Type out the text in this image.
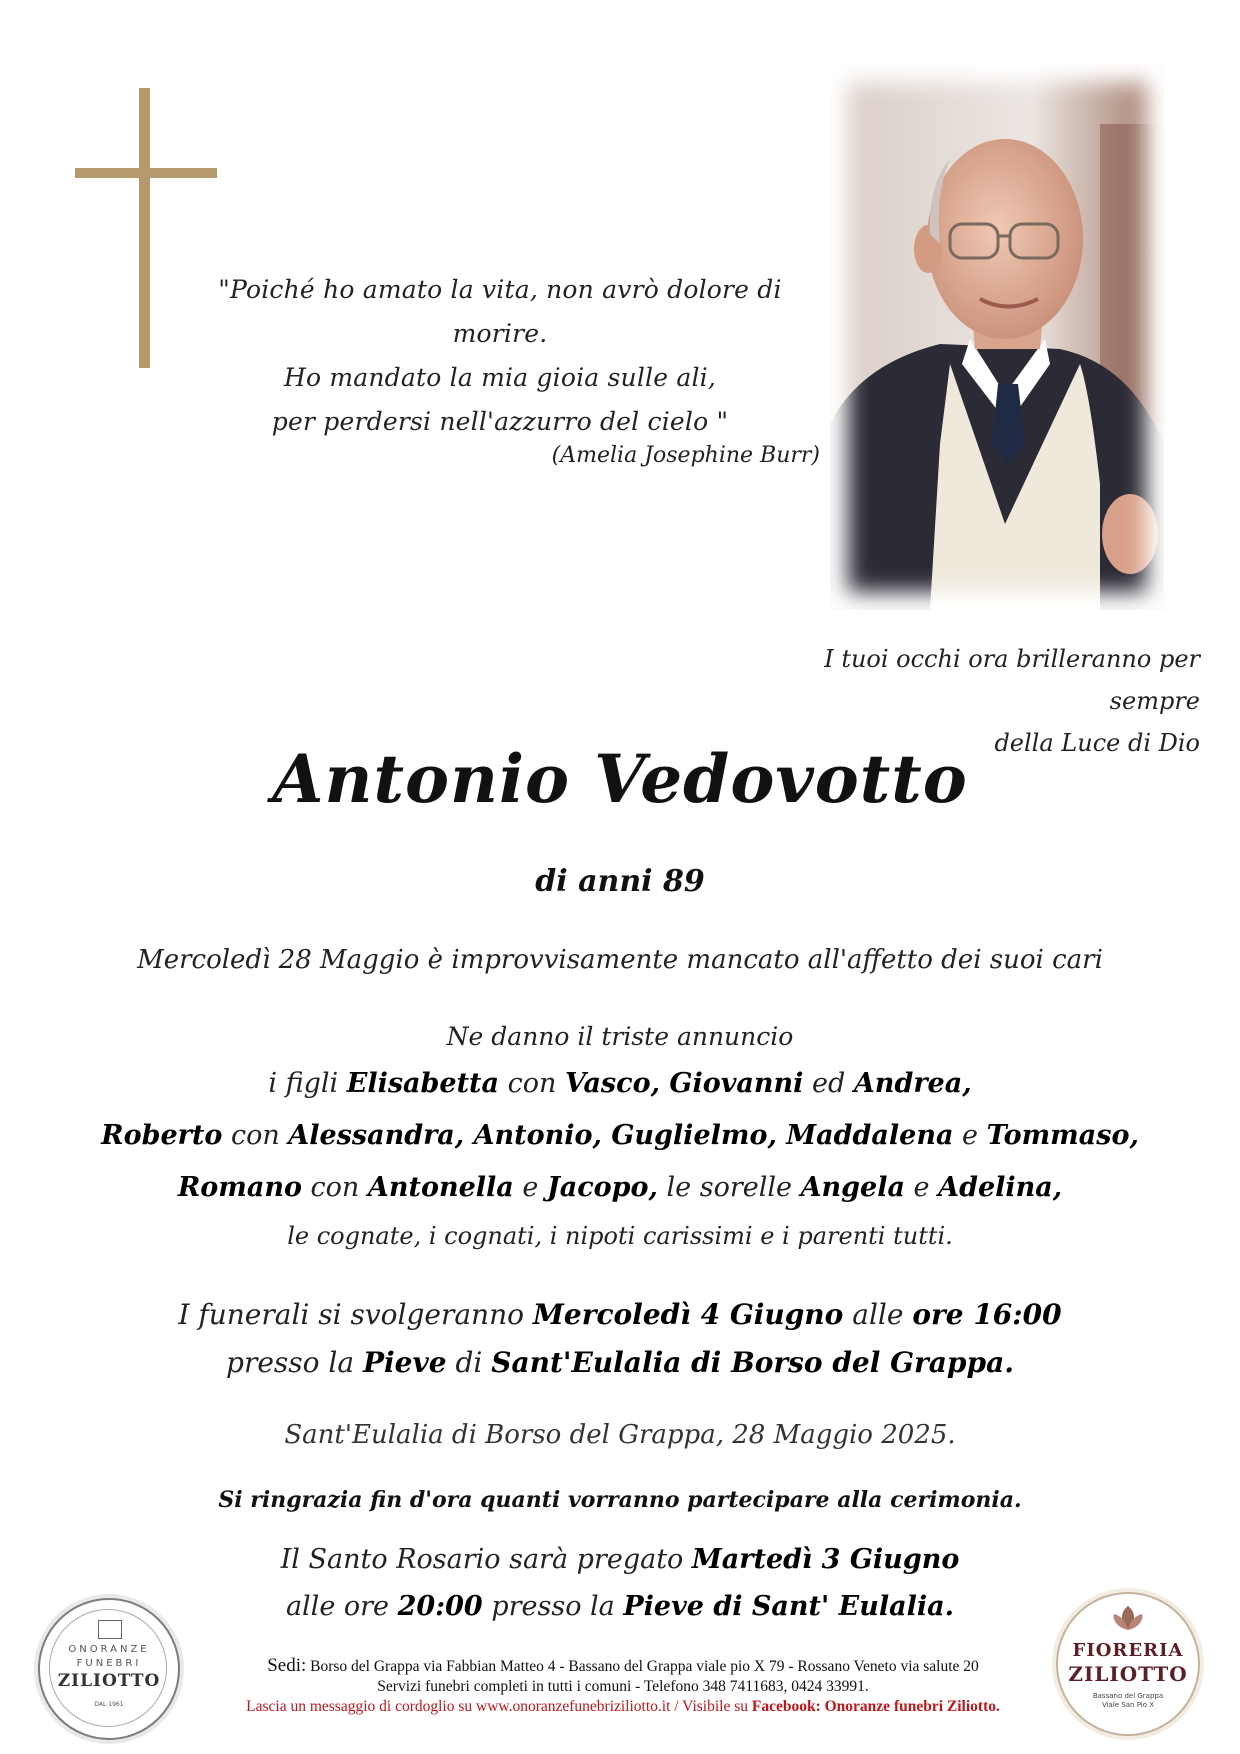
"Poiché ho amato la vita, non avrò dolore di morire.
Ho mandato la mia gioia sulle ali,
per perdersi nell'azzurro del cielo "
(Amelia Josephine Burr)
I tuoi occhi ora brilleranno per sempre
della Luce di Dio
Antonio Vedovotto
di anni 89
Mercoledì 28 Maggio è improvvisamente mancato all'affetto dei suoi cari
Ne danno il triste annuncio
i figli Elisabetta con Vasco, Giovanni ed Andrea,
Roberto con Alessandra, Antonio, Guglielmo, Maddalena e Tommaso,
Romano con Antonella e Jacopo, le sorelle Angela e Adelina,
le cognate, i cognati, i nipoti carissimi e i parenti tutti.
I funerali si svolgeranno Mercoledì 4 Giugno alle ore 16:00
presso la Pieve di Sant'Eulalia di Borso del Grappa.
Sant'Eulalia di Borso del Grappa, 28 Maggio 2025.
Si ringrazia fin d'ora quanti vorranno partecipare alla cerimonia.
Il Santo Rosario sarà pregato Martedì 3 Giugno
alle ore 20:00 presso la Pieve di Sant' Eulalia.
ONORANZE
FUNEBRI
ZILIOTTO
DAL 1961
FIORERIA
ZILIOTTO
Bassano del Grappa
Viale San Pio X
Sedi: Borso del Grappa via Fabbian Matteo 4 - Bassano del Grappa viale pio X 79 - Rossano Veneto via salute 20
Servizi funebri completi in tutti i comuni - Telefono 348 7411683, 0424 33991.
Lascia un messaggio di cordoglio su www.onoranzefunebriziliotto.it / Visibile su Facebook: Onoranze funebri Ziliotto.
